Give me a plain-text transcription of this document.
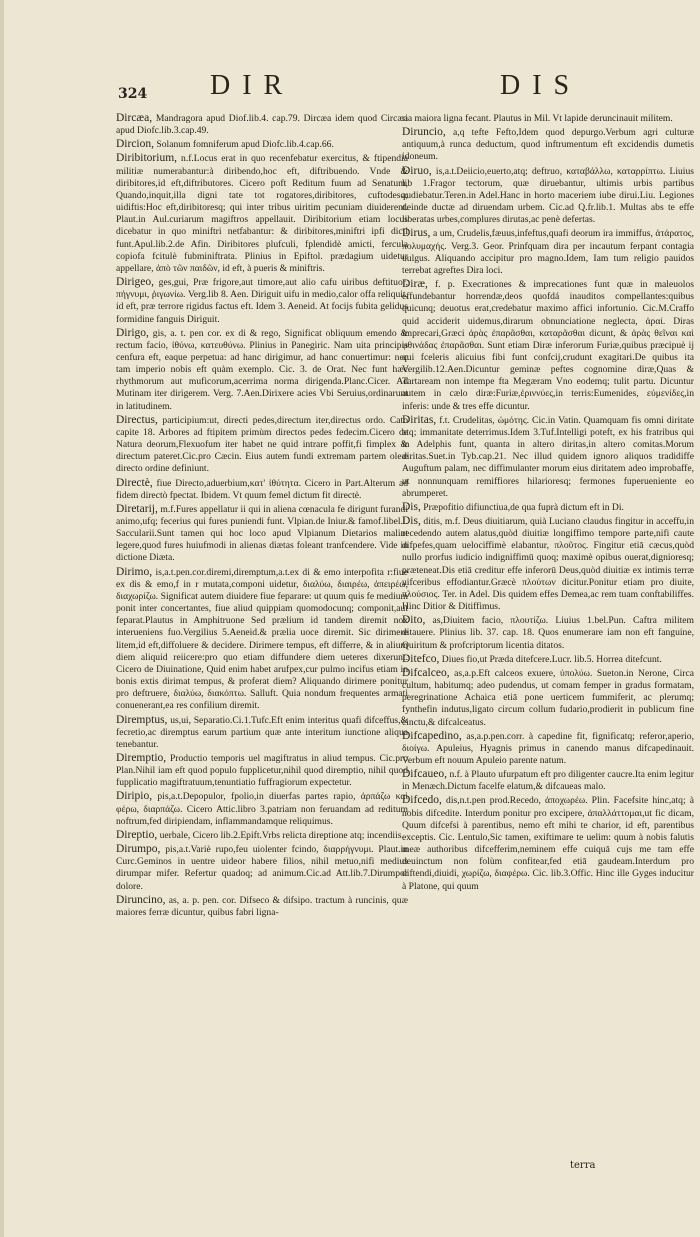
324 DIR	DIS

Dircæa, Mandragora apud Diof.lib.4. cap.79. Dircæa idem quod Circæa apud Diofc.lib.3.cap.49.

Dircion, Solanum fomniferum apud Diofc.lib.4.cap.66.

Diribitorium, n.f.Locus erat in quo recenfebatur exercitus, & ftipendia militiæ numerabantur:à diribendo,hoc eft, diftribuendo. Vnde & diribitores,id eft,diftributores. Cicero poft Reditum fuum ad Senatum, Quando,inquit,illa digni tate tot rogatores,diribitores, cuftodesq; uidiftis:Hoc eft,diribitoresq; qui inter tribus uiritim pecuniam diuiderent. Plaut.in Aul.curiarum magiftros appellauit. Diribitorium etiam locus dicebatur in quo miniftri netfabantur: & diribitores,miniftri ipfi dicti funt.Apul.lib.2.de Afin. Diribitores plufculi, fplendidè amicti, fercula copiofa fcitulè fubminiftrata. Plinius in Epiftol. prædagium uidetur appellare, ἀπὸ τῶν παιδῶν, id eft, à pueris & miniftris.

Dirigeo, ges,gui, Præ frigore,aut timore,aut alio cafu uiribus deftituor, πήγνυμι, ῥιγωνίω. Verg.lib 8. Aen. Diriguit uifu in medio,calor offa reliquit, id eft, præ terrore rigidus factus eft. Idem 3. Aeneid. At focijs fubita gelidus formidine fanguis Diriguit.

Dirigo, gis, a. t. pen cor. ex di & rego, Significat obliquum emendo & rectum facio, ἰθύνω, κατευθύνω. Plinius in Panegiric. Nam uita principis cenfura eft, eaque perpetua: ad hanc dirigimur, ad hanc conuertimur: nec tam imperio nobis eft quàm exemplo. Cic. 3. de Orat. Nec funt hæc rhythmorum aut muficorum,acerrima norma dirigenda.Planc.Cicer. Ad Mutinam iter dirigerem. Verg. 7.Aen.Dirixere acies Vbi Seruius,ordinarunt in latitudinem.

Directus, participium:ut, directi pedes,directum iter,directus ordo. Cato capite 18. Arbores ad ftipitem primùm directos pedes fedecim.Cicero de Natura deorum,Flexuofum iter habet ne quid intrare poffit,fi fimplex & directum pateret.Cic.pro Cæcin. Eius autem fundi extremam partem oleæ directo ordine definiunt.

Directè, fiue Directo,aduerbium,κατ' ἰθύτητα. Cicero in Part.Alterum ad fidem directò fpectat. Ibidem. Vt quum femel dictum fit directè.

Diretarij, m.f.Fures appellatur ii qui in aliena cœnacula fe dirigunt furandi animo,ufq; fecerius qui fures puniendi funt. Vlpian.de Iniur.& famof.libel.l. Saccularii.Sunt tamen qui hoc loco apud Vlpianum Dietarios malint legere,quod fures huiufmodi in alienas diætas foleant tranfcendere. Vide in dictione Diæta.

Dirimo, is,a.t.pen.cor.diremi,diremptum,a.t.ex di & emo interpofita r:fiue ex dis & emo,f in r mutata,componi uidetur, διαλύω, διαιρέω, ἀπειρέω, διαχωρίζω. Significat autem diuidere fiue feparare: ut quum quis fe medium ponit inter concertantes, fiue aliud quippiam quomodocunq; componit,aut feparat.Plautus in Amphitruone Sed prælium id tandem diremit nox interueniens fuo.Vergilius 5.Aeneid.& prælia uoce diremit. Sic dirimere litem,id eft,diffoluere & decidere. Dirimere tempus, eft differre, & in alium diem aliquid reiicere:pro quo etiam diffundere diem ueteres dixerunt. Cicero de Diuinatione, Quid enim habet arufpex,cur pulmo incifus etiam in bonis extis dirimat tempus, & proferat diem? Aliquando dirimere ponitur pro deftruere, διαλύω, διακόπτω. Salluft. Quia nondum frequentes armati conuenerant,ea res confilium diremit.

Diremptus, us,ui, Separatio.Ci.1.Tufc.Eft enim interitus quafi difceffus,& fecretio,ac diremptus earum partium quæ ante interitum iunctione aliqua tenebantur.

Diremptio, Productio temporis uel magiftratus in aliud tempus. Cic.pro Plan.Nihil iam eft quod populo fupplicetur,nihil quod diremptio, nihil quod fupplicatio magiftratuum,tenuntiatio fuffragiorum expectetur.

Diripio, pis,a.t.Depopulor, fpolio,in diuerfas partes rapio, ἀρπάζω καὶ φέρω, διαρπάζω. Cicero Attic.libro 3.patriam non feruandam ad reditum noftrum,fed diripiendam, inflammandamque reliquimus.

Direptio, uerbale, Cicero lib.2.Epift.Vrbs relicta direptione atq; incendiis.

Dirumpo, pis,a.t.Variè rupo,feu uiolenter fcindo, διαρρήγνυμι. Plaut.in Curc.Geminos in uentre uideor habere filios, nihil metuo,nifi medius dirumpar mifer. Refertur quadoq; ad animum.Cic.ad Att.lib.7.Dirumpor dolore.

Diruncino, as, a. p. pen. cor. Difseco & difsipo. tractum à runcinis, quæ maiores ferræ dicuntur, quibus fabri ligna-

ria maiora ligna fecant. Plautus in Mil. Vt lapide deruncinauit militem.

Diruncio, a,q tefte Fefto,Idem quod depurgo.Verbum agri culturæ antiquum,à runca deductum, quod inftrumentum eft excidendis dumetis idoneum.

Diruo, is,a.t.Deiicio,euerto,atq; deftruo, καταβάλλω, καταρρίπτω. Liuius lib 1.Fragor tectorum, quæ diruebantur, ultimis urbis partibus audiebatur.Teren.in Adel.Hanc in horto maceriem iube dirui.Liu. Legiones deinde ductæ ad diruendam urbem. Cic.ad Q.fr.lib.1. Multas abs te effe liberatas urbes,complures dirutas,ac penè defertas.

Dirus, a um, Crudelis,fæuus,infeftus,quafi deorum ira immiffus, ἀτάρατος, πολυμαχής. Verg.3. Geor. Prinfquam dira per incautum ferpant contagia uulgus. Aliquando accipitur pro magno.Idem, Iam tum religio pauidos terrebat agreftes Dira loci.

Diræ, f. p. Execrationes & imprecationes funt quæ in maleuolos effundebantur horrendæ,deos quofdá inauditos compellantes:quibus quicunq; deuotus erat,credebatur maximo affici infortunio. Cic.M.Craffo quid acciderit uidemus,dirarum obnunciatione neglecta, ἀραί. Diras imprecari,Græci ἀρὰς ἐπαρᾶσθαι, καταρᾶσθαι dicunt, & ἀρὰς θεῖναι καὶ φθινάδας ἐπαρᾶσθαι. Sunt etiam Diræ inferorum Furiæ,quibus præcipuè ij qui fceleris alicuius fibi funt confcij,crudunt exagitari.De quibus ita Vergilib.12.Aen.Dicuntur geminæ peftes cognomine diræ,Quas & Tartaream non intempe fta Megæram Vno eodemq; tulit partu. Dicuntur autem in cælo diræ:Furiæ,ἐριννύες,in terris:Eumenides, εὐμενίδες,in inferis: unde & tres effe dicuntur.

Diritas, f.t. Crudelitas, ὠμότης. Cic.in Vatin. Quamquam fis omni diritate atq; immanitate deterrimus.Idem 3.Tuf.Intelligi poteft, ex his fratribus qui in Adelphis funt, quanta in altero diritas,in altero comitas.Morum diritas.Suet.in Tyb.cap.21. Nec illud quidem ignoro aliquos tradidiffe Auguftum palam, nec diffimulanter morum eius diritatem adeo improbaffe, ut nonnunquam remiffiores hilarioresq; fermones fuperueniente eo abrumperet.

Dis, Præpofitio difiunctiua,de qua fuprà dictum eft in Di.

Dis, ditis, m.f. Deus diuitiarum, quià Luciano claudus fingitur in acceffu,in recedendo autem alatus,quòd diuitiæ longiffimo tempore parte,nifi caute difpefes,quam uelociffimè elabantur, πλοῦτος. Fingitur etiā cæcus,quòd nullo prorfus iudicio indigniffimū quoq; maximè opibus ouerat,dignioresq; præteneat.Dis etiā creditur effe inferorū Deus,quòd diuitiæ ex intimis terræ uifceribus effodiantur.Græcè πλούτων dicitur.Ponitur etiam pro diuite, πλούσιος. Ter. in Adel. Dis quidem effes Demea,ac rem tuam conftabiliffes. Hinc Ditior & Ditiffimus.

Dito, as,Diuitem facio, πλουτίζω. Liuius 1.bel.Pun. Caftra militem ditauere. Plinius lib. 37. cap. 18. Quos enumerare iam non eft fanguine, Quiritum & profcriptorum licentia ditatos.

Ditefco, Diues fio,ut Præda ditefcere.Lucr. lib.5. Horrea ditefcunt.

Difcalceo, as,a.p.Eft calceos exuere, ὑπολύω. Sueton.in Nerone, Circa cultum, habitumq; adeo pudendus, ut comam femper in gradus formatam, peregrinatione Achaica etiā pone uerticem fummiferit, ac plerumq; fynthefin indutus,ligato circum collum fudario,prodierit in publicum fine cinctu,& difcalceatus.

Difcapedino, as,a.p.pen.corr. à capedine fit, fignificatq; referor,aperio, διοίγω. Apuleius, Hyagnis primus in canendo manus difcapedinauit. Verbum eft nouum Apuleio parente natum.

Difcaueo, n.f. à Plauto ufurpatum eft pro diligenter caucre.Ita enim legitur in Menæch.Dictum facelfe elatum,& difcaueas malo.

Difcedo, dis,n.t.pen prod.Recedo, ἀποχωρέω. Plin. Facefsite hinc,atq; à nobis difcedite. Interdum ponitur pro excipere, ἀπαλλάττομαι,ut fic dicam, Quum difcefsi à parentibus, nemo eft mihi te charior, id eft, parentibus exceptis. Cic. Lentulo,Sic tamen, exiftimare te uelim: quum à nobis falutis meæ authoribus difcefferim,neminem effe cuiquā cujs me tam effe deuinctum non folùm confitear,fed etiā gaudeam.Interdum pro diftendi,diuidi, χωρίζω, διαφέρω. Cic. lib.3.Offic. Hinc ille Gyges inducitur à Platone, qui quum

terra
